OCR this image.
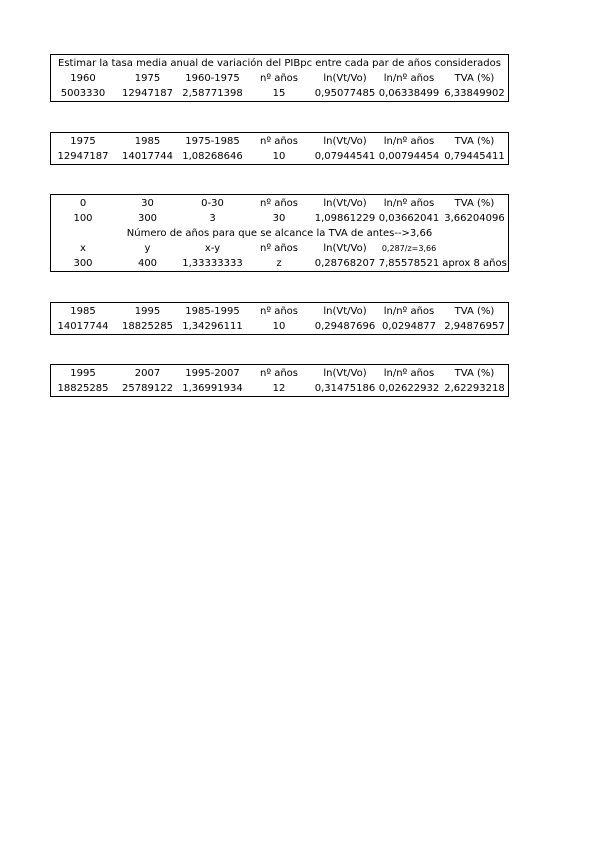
Estimar la tasa media anual de variación del PIBpc entre cada par de años considerados
1960	1975	1960-1975	nº años	ln(Vt/Vo)	ln/nº años	TVA (%)
5003330	12947187 2,58771398	15	0,95077485 0,06338499 6,33849902
1975	1985	1975-1985	nº años	ln(Vt/Vo)	ln/nº años	TVA (%)
12947187	14017744 1,08268646	10	0,07944541 0,00794454 0,79445411
0	30	0-30	nº años	ln(Vt/Vo)	ln/nº años	TVA (%)
100	300	3	30	1,09861229 0,03662041 3,66204096
Número de años para que se alcance la TVA de antes-->3,66
x	y	x-y	nº años	ln(Vt/Vo)	0,287/z=3,66
300	400	1,33333333	z	0,28768207 7,85578521 aprox 8 años
1985	1995	1985-1995	nº años	ln(Vt/Vo)	ln/nº años	TVA (%)
14017744	18825285 1,34296111	10	0,29487696 0,0294877 2,94876957
1995	2007	1995-2007	nº años	ln(Vt/Vo)	ln/nº años	TVA (%)
18825285	25789122 1,36991934	12	0,31475186 0,02622932 2,62293218
